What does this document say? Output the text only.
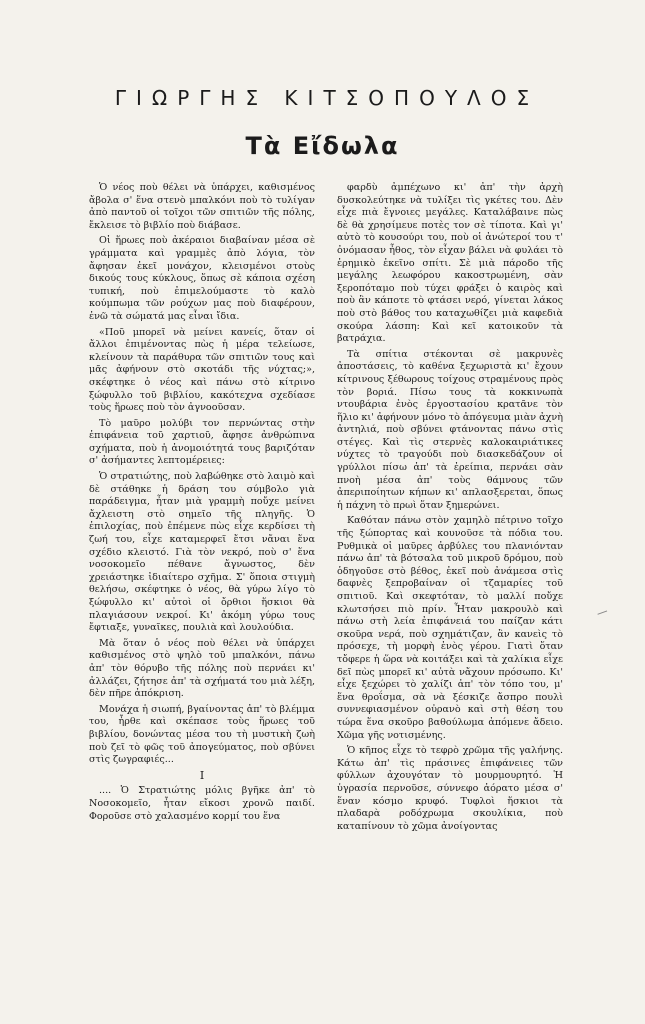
ΓΙΩΡΓΗΣ ΚΙΤΣΟΠΟΥΛΟΣ
Τὰ Εἴδωλα

Ὁ νέος ποὺ θέλει νὰ ὑπάρχει, καθισμένος ἄβολα σ' ἕνα στενὸ μπαλκόνι ποὺ τὸ τυλίγαν ἀπὸ παντοῦ οἱ τοῖχοι τῶν σπιτιῶν τῆς πόλης, ἔκλεισε τὸ βιβλίο ποὺ διάβασε.

Οἱ ἥρωες ποὺ ἀκέραιοι διαβαίναν μέσα σὲ γράμματα καὶ γραμμὲς ἀπὸ λόγια, τὸν ἄφησαν ἐκεῖ μονάχον, κλεισμένοι στοὺς δικούς τους κύκλους, ὅπως σὲ κάποια σχέση τυπική, ποὺ ἐπιμελούμαστε τὸ καλὸ κούμπωμα τῶν ρούχων μας ποὺ διαφέρουν, ἐνῶ τὰ σώματά μας εἶναι ἴδια.

«Ποῦ μπορεῖ νὰ μείνει κανείς, ὅταν οἱ ἄλλοι ἐπιμένοντας πὼς ἡ μέρα τελείωσε, κλείνουν τὰ παράθυρα τῶν σπιτιῶν τους καὶ μᾶς ἀφήνουν στὸ σκοτάδι τῆς νύχτας;», σκέφτηκε ὁ νέος καὶ πάνω στὸ κίτρινο ξώφυλλο τοῦ βιβλίου, κακότεχνα σχεδίασε τοὺς ἥρωες ποὺ τὸν ἀγνοοῦσαν.

Τὸ μαῦρο μολύβι τον περνώντας στὴν ἐπιφάνεια τοῦ χαρτιοῦ, ἄφησε ἀνθρώπινα σχήματα, ποὺ ἡ ἀνομοιότητά τους βαριζόταν σ' ἀσήμαντες λεπτομέρειες:

Ὁ στρατιώτης, ποὺ λαβώθηκε στὸ λαιμὸ καὶ δὲ στάθηκε ἡ δράση του σύμβολο γιὰ παράδειγμα, ἦταν μιὰ γραμμὴ ποὔχε μείνει ἄχλειστη στὸ σημεῖο τῆς πληγῆς. Ὁ ἐπιλοχίας, ποὺ ἐπέμενε πὼς εἶχε κερδίσει τὴ ζωή του, εἶχε καταμερφεῖ ἔτσι νἄναι ἕνα σχέδιο κλειστό. Γιὰ τὸν νεκρό, ποὺ σ' ἕνα νοσοκομεῖο πέθανε ἄγνωστος, δὲν χρειάστηκε ἰδιαίτερο σχῆμα. Σ' ὅποια στιγμὴ θελήσω, σκέφτηκε ὁ νέος, θὰ γύρω λίγο τὸ ξώφυλλο κι' αὐτοὶ οἱ ὄρθιοι ἥσκιοι θὰ πλαγιάσουν νεκροί. Κι' ἀκόμη γύρω τους ἔφτιαξε, γυναῖκες, πουλιὰ καὶ λουλούδια.

Μὰ ὅταν ὁ νέος ποὺ θέλει νὰ ὑπάρχει καθισμένος στὸ ψηλὸ τοῦ μπαλκόνι, πάνω ἀπ' τὸν θόρυβο τῆς πόλης ποὺ περνάει κι' ἀλλάζει, ζήτησε ἀπ' τὰ σχήματά του μιὰ λέξη, δὲν πῆρε ἀπόκριση.

Μονάχα ἡ σιωπή, βγαίνοντας ἀπ' τὸ βλέμμα του, ἦρθε καὶ σκέπασε τοὺς ἥρωες τοῦ βιβλίου, δονώντας μέσα του τὴ μυστικὴ ζωὴ ποὺ ζεῖ τὸ φῶς τοῦ ἀπογεύματος, ποὺ σβύνει στὶς ζωγραφιές...

Ι

.... Ὁ Στρατιώτης μόλις βγῆκε ἀπ' τὸ Νοσοκομεῖο, ἦταν εἴκοσι χρονῶ παιδί. Φοροῦσε στὸ χαλασμένο κορμί του ἕνα

φαρδὺ ἀμπέχωνο κι' ἀπ' τὴν ἀρχὴ δυσκολεύτηκε νὰ τυλίξει τὶς γκέτες του. Δὲν εἶχε πιὰ ἔγνοιες μεγάλες. Καταλάβαινε πὼς δὲ θὰ χρησίμευε ποτὲς τον σὲ τίποτα. Καὶ γι' αὐτὸ τὸ κουσούρι του, ποὺ οἱ ἀνώτεροί του τ' ὀνόμασαν ἦθος, τὸν εἶχαν βάλει νὰ φυλάει τὸ ἐρημικὸ ἐκεῖνο σπίτι. Σὲ μιὰ πάροδο τῆς μεγάλης λεωφόρου κακοστρωμένη, σὰν ξεροπόταμο ποὺ τύχει φράξει ὁ καιρὸς καὶ ποὺ ἂν κάποτε τὸ φτάσει νερό, γίνεται λάκος ποὺ στὸ βάθος του καταχωθίζει μιὰ καφεδιὰ σκούρα λάσπη: Καὶ κεῖ κατοικοῦν τὰ βατράχια.

Τὰ σπίτια στέκονται σὲ μακρυνὲς ἀποστάσεις, τὸ καθένα ξεχωριστὰ κι' ἔχουν κίτρινους ξέθωρους τοίχους στραμένους πρὸς τὸν βοριά. Πίσω τους τὰ κοκκινωπὰ ντουβάρια ἑνὸς ἐργοστασίου κρατᾶνε τὸν ἥλιο κι' ἀφήνουν μόνο τὸ ἀπόγευμα μιὰν ἀχνὴ ἀντηλιά, ποὺ σβύνει φτάνοντας πάνω στὶς στέγες. Καὶ τὶς στερνὲς καλοκαιριάτικες νύχτες τὸ τραγούδι ποὺ διασκεδάζουν οἱ γρύλλοι πίσω ἀπ' τὰ ἐρείπια, περνάει σὰν πνοὴ μέσα ἀπ' τοὺς θάμνους τῶν ἀπεριποίητων κήπων κι' απλασξερεται, ὅπως ἡ πάχνη τὸ πρωὶ ὅταν ξημερώνει.

Καθόταν πάνω στὸν χαμηλὸ πέτρινο τοῖχο τῆς ξώπορτας καὶ κουνοῦσε τὰ πόδια του. Ρυθμικὰ οἱ μαῦρες ἀρβύλες του πλανιόνταν πάνω ἀπ' τὰ βότσαλα τοῦ μικροῦ δρόμου, ποὺ ὁδηγοῦσε στὸ βέθος, ἐκεῖ ποὺ ἀνάμεσα στὶς δαφνὲς ξεπροβαίναν οἱ τζαμαρίες τοῦ σπιτιοῦ. Καὶ σκεφτόταν, τὸ μαλλί ποὔχε κλωτσήσει πιὸ πρίν. Ἦταν μακρουλὸ καὶ πάνω στὴ λεία ἐπιφάνειά του παίζαν κάτι σκοῦρα νερά, ποὺ σχημάτιζαν, ἂν κανεὶς τὸ πρόσεχε, τὴ μορφὴ ἑνὸς γέρου. Γιατὶ ὅταν τὄφερε ἡ ὥρα νὰ κοιτάξει καὶ τὰ χαλίκια εἶχε δεῖ πὼς μπορεῖ κι' αὐτὰ νἄχουν πρόσωπο. Κι' εἶχε ξεχώρει τὸ χαλίζι ἀπ' τὸν τόπο του, μ' ἕνα θροΐσμα, σὰ νὰ ξέσκιζε ἄσπρο πουλὶ συννεφιασμένον οὐρανὸ καὶ στὴ θέση του τώρα ἕνα σκοῦρο βαθούλωμα ἀπόμενε ἄδειο. Χῶμα γῆς νοτισμένης.

Ὁ κῆπος εἶχε τὸ τεφρὸ χρῶμα τῆς γαλήνης. Κάτω ἀπ' τὶς πράσινες ἐπιφάνειες τῶν φύλλων ἀχουγόταν τὸ μουρμουρητό. Ἡ ὑγρασία περνοῦσε, σύννεφο ἀόρατο μέσα σ' ἕναν κόσμο κρυφό. Τυφλοὶ ἥσκιοι τὰ πλαδαρὰ ροδόχρωμα σκουλίκια, ποὺ καταπίνουν τὸ χῶμα ἀνοίγοντας
